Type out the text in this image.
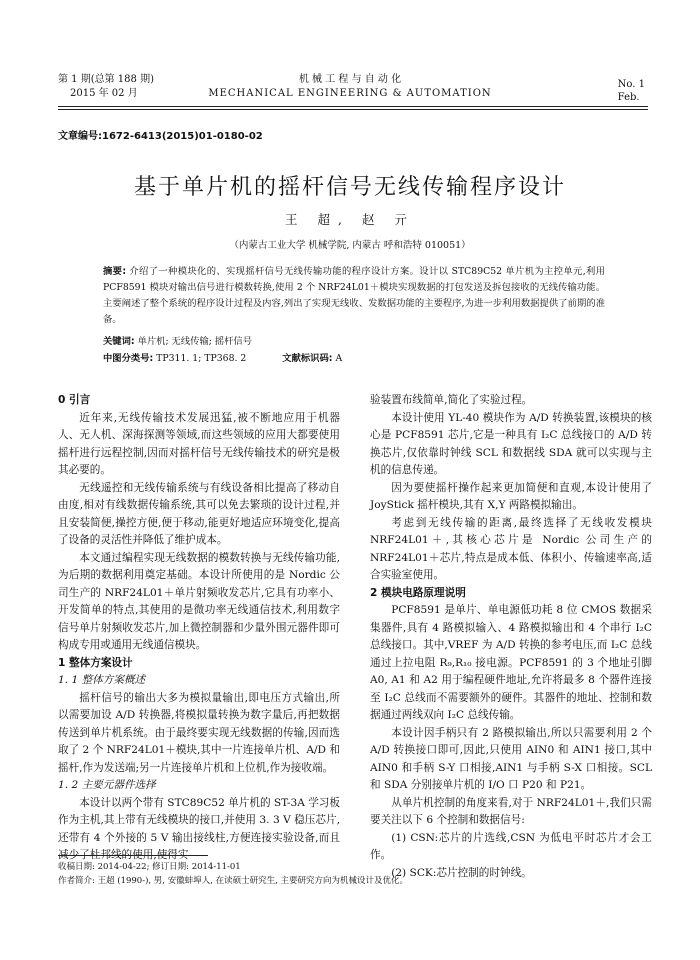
第 1 期(总第 188 期)
2015 年 02 月
机 械 工 程 与 自 动 化
MECHANICAL ENGINEERING & AUTOMATION
No. 1
Feb.
文章编号:1672-6413(2015)01-0180-02
基于单片机的摇杆信号无线传输程序设计
王 超, 赵 亓
（内蒙古工业大学 机械学院, 内蒙古 呼和浩特 010051）
摘要: 介绍了一种模块化的、实现摇杆信号无线传输功能的程序设计方案。设计以 STC89C52 单片机为主控单元,利用 PCF8591 模块对输出信号进行模数转换,使用 2 个 NRF24L01＋模块实现数据的打包发送及拆包接收的无线传输功能。主要阐述了整个系统的程序设计过程及内容,列出了实现无线收、发数据功能的主要程序,为进一步利用数据提供了前期的准备。
关键词: 单片机; 无线传输; 摇杆信号
中图分类号: TP311. 1; TP368. 2	文献标识码: A
0 引言

近年来,无线传输技术发展迅猛,被不断地应用于机器人、无人机、深海探测等领域,而这些领域的应用大都要使用摇杆进行远程控制,因而对摇杆信号无线传输技术的研究是极其必要的。

无线遥控和无线传输系统与有线设备相比提高了移动自由度,相对有线数据传输系统,其可以免去繁琐的设计过程,并且安装简便,操控方便,便于移动,能更好地适应环境变化,提高了设备的灵活性并降低了维护成本。

本文通过编程实现无线数据的模数转换与无线传输功能,为后期的数据利用奠定基础。本设计所使用的是 Nordic 公司生产的 NRF24L01＋单片射频收发芯片,它具有功率小、开发简单的特点,其使用的是微功率无线通信技术,利用数字信号单片射频收发芯片,加上微控制器和少量外围元器件即可构成专用或通用无线通信模块。

1 整体方案设计
1. 1 整体方案概述

摇杆信号的输出大多为模拟量输出,即电压方式输出,所以需要加设 A/D 转换器,将模拟量转换为数字量后,再把数据传送到单片机系统。由于最终要实现无线数据的传输,因而选取了 2 个 NRF24L01＋模块,其中一片连接单片机、A/D 和 摇杆,作为发送端;另一片连接单片机和上位机,作为接收端。

1. 2 主要元器件选择

本设计以两个带有 STC89C52 单片机的 ST-3A 学习板作为主机,其上带有无线模块的接口,并使用 3. 3 V 稳压芯片,还带有 4 个外接的 5 V 输出接线柱,方便连接实验设备,而且减少了杜邦线的使用,使得实

验装置布线简单,简化了实验过程。

本设计使用 YL-40 模块作为 A/D 转换装置,该模块的核心是 PCF8591 芯片,它是一种具有 I₂C 总线接口的 A/D 转换芯片,仅依靠时钟线 SCL 和数据线 SDA 就可以实现与主机的信息传递。

因为要使摇杆操作起来更加简便和直观,本设计使用了 JoyStick 摇杆模块,其有 X,Y 两路模拟输出。

考虑到无线传输的距离,最终选择了无线收发模块 NRF24L01＋,其核心芯片是 Nordic 公司生产的 NRF24L01＋芯片,特点是成本低、体积小、传输速率高,适合实验室使用。

2 模块电路原理说明

PCF8591 是单片、单电源低功耗 8 位 CMOS 数据采集器件,具有 4 路模拟输入、4 路模拟输出和 4 个串行 I₂C 总线接口。其中,VREF 为 A/D 转换的参考电压,而 I₂C 总线通过上拉电阻 R₉,R₁₀ 接电源。PCF8591 的 3 个地址引脚 A0, A1 和 A2 用于编程硬件地址,允许将最多 8 个器件连接至 I₂C 总线而不需要额外的硬件。其器件的地址、控制和数据通过两线双向 I₂C 总线传输。

本设计因手柄只有 2 路模拟输出,所以只需要利用 2 个 A/D 转换接口即可,因此,只使用 AIN0 和 AIN1 接口,其中 AIN0 和手柄 S-Y 口相接,AIN1 与手柄 S-X 口相接。SCL 和 SDA 分别接单片机的 I/O 口 P20 和 P21。

从单片机控制的角度来看,对于 NRF24L01＋,我们只需要关注以下 6 个控制和数据信号:

(1) CSN:芯片的片选线,CSN 为低电平时芯片才会工作。

(2) SCK:芯片控制的时钟线。

收稿日期: 2014-04-22; 修订日期: 2014-11-01
作者简介: 王超 (1990-), 男, 安徽蚌埠人, 在读硕士研究生, 主要研究方向为机械设计及优化。
